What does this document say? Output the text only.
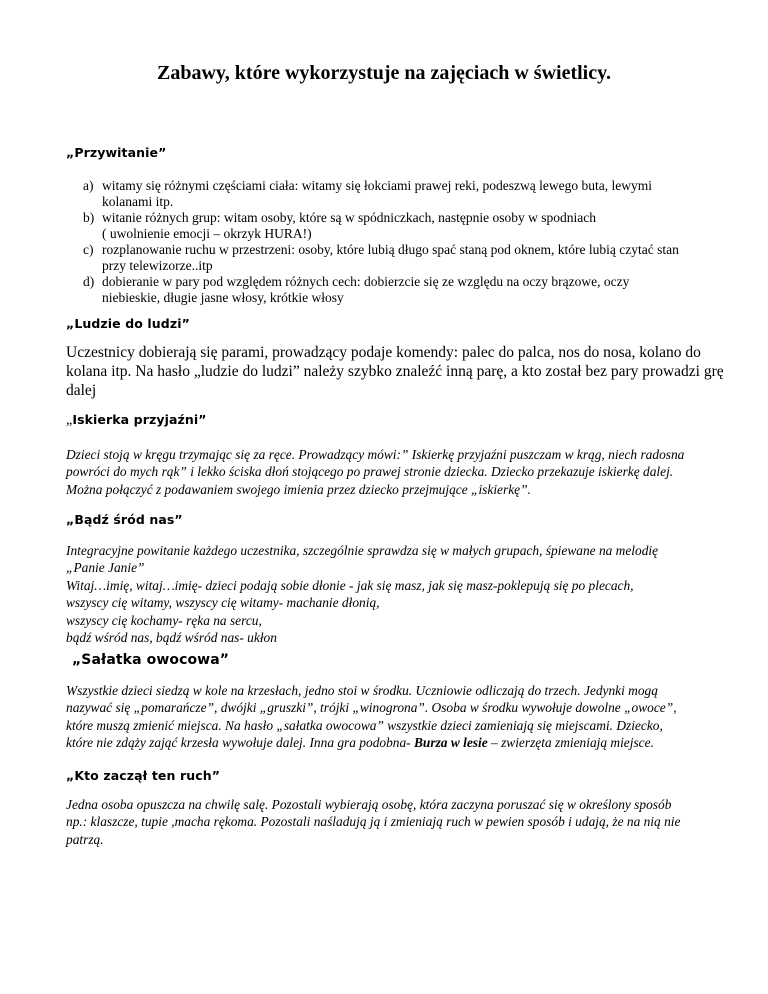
Zabawy, które wykorzystuje na zajęciach w świetlicy.
„Przywitanie”
a) witamy się różnymi częściami ciała: witamy się łokciami prawej reki, podeszwą lewego buta, lewymi
kolanami itp.
b) witanie różnych grup: witam osoby, które są w spódniczkach, następnie osoby w spodniach
( uwolnienie emocji – okrzyk HURA!)
c) rozplanowanie ruchu w przestrzeni: osoby, które lubią długo spać staną pod oknem, które lubią czytać stan
przy telewizorze..itp
d) dobieranie w pary pod względem różnych cech: dobierzcie się ze względu na oczy brązowe, oczy
niebieskie, długie jasne włosy, krótkie włosy
„Ludzie do ludzi”

Uczestnicy dobierają się parami, prowadzący podaje komendy: palec do palca, nos do nosa, kolano do
kolana itp. Na hasło „ludzie do ludzi” należy szybko znaleźć inną parę, a kto został bez pary prowadzi grę
dalej

„Iskierka przyjaźni”

Dzieci stoją w kręgu trzymając się za ręce. Prowadzący mówi:” Iskierkę przyjaźni puszczam w krąg, niech radosna
powróci do mych rąk” i lekko ściska dłoń stojącego po prawej stronie dziecka. Dziecko przekazuje iskierkę dalej.
Można połączyć z podawaniem swojego imienia przez dziecko przejmujące „iskierkę”.

„Bądź śród nas”

Integracyjne powitanie każdego uczestnika, szczególnie sprawdza się w małych grupach, śpiewane na melodię
„Panie Janie”
Witaj…imię, witaj…imię- dzieci podają sobie dłonie - jak się masz, jak się masz-poklepują się po plecach,
wszyscy cię witamy, wszyscy cię witamy- machanie dłonią,
wszyscy cię kochamy- ręka na sercu,
bądź wśród nas, bądź wśród nas- ukłon

„Sałatka owocowa”

Wszystkie dzieci siedzą w kole na krzesłach, jedno stoi w środku. Uczniowie odliczają do trzech. Jedynki mogą
nazywać się „pomarańcze”, dwójki „gruszki”, trójki „winogrona”. Osoba w środku wywołuje dowolne „owoce”,
które muszą zmienić miejsca. Na hasło „sałatka owocowa” wszystkie dzieci zamieniają się miejscami. Dziecko,
które nie zdąży zająć krzesła wywołuje dalej. Inna gra podobna- Burza w lesie – zwierzęta zmieniają miejsce.

„Kto zaczął ten ruch”

Jedna osoba opuszcza na chwilę salę. Pozostali wybierają osobę, która zaczyna poruszać się w określony sposób
np.: klaszcze, tupie ,macha rękoma. Pozostali naśladują ją i zmieniają ruch w pewien sposób i udają, że na nią nie
patrzą.
